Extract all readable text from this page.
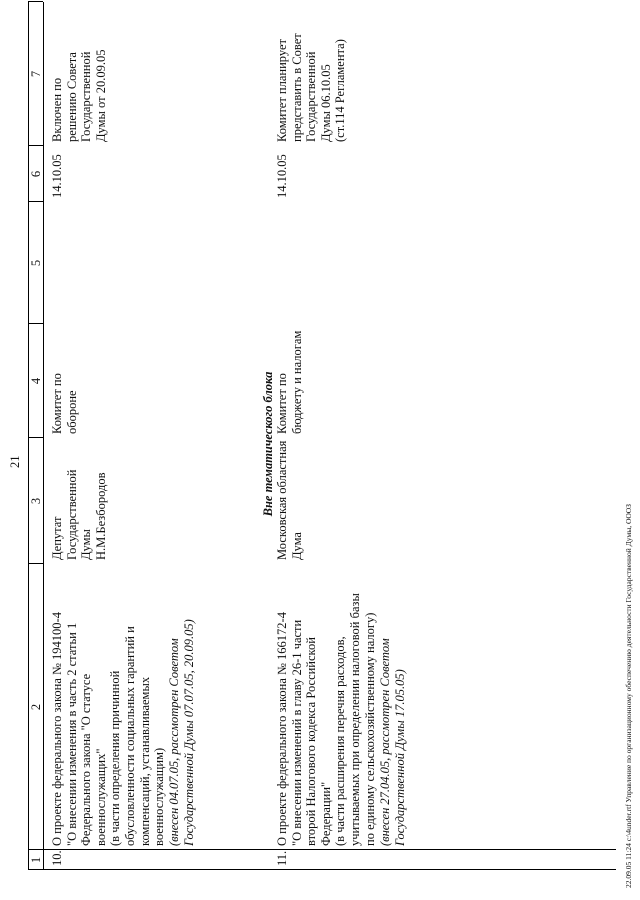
21
1
2
3
4
5
6
7
10.
О проекте федерального закона № 194100-4
"О внесении изменения в часть 2 статьи 1
Федерального закона "О статусе
военнослужащих"
(в части определения причинной
обусловленности социальных гарантий и
компенсаций, устанавливаемых
военнослужащим) (внесен 04.07.05, рассмотрен Советом
Государственной Думы 07.07.05, 20.09.05)
Депутат
Государственной
Думы
Н.М.Безбородов
Комитет по
обороне
14.10.05
Включен по
решению Совета
Государственной
Думы от 20.09.05

Вне тематического блока

11.
О проекте федерального закона № 166172-4
"О внесении изменений в главу 26-1 части
второй Налогового кодекса Российской
Федерации"
(в части расширения перечня расходов,
учитываемых при определении налоговой базы
по единому сельскохозяйственному налогу)
(внесен 27.04.05, рассмотрен Советом
Государственной Думы 17.05.05)
Московская областная
Дума
Комитет по
бюджету и налогам
14.10.05
Комитет планирует
представить в Совет
Государственной
Думы 06.10.05
(ст.114 Регламента)
22.09.05 11:24 c:\4under.rtf Управление по организационному обеспечению деятельности Государственной Думы, ОООЗ
